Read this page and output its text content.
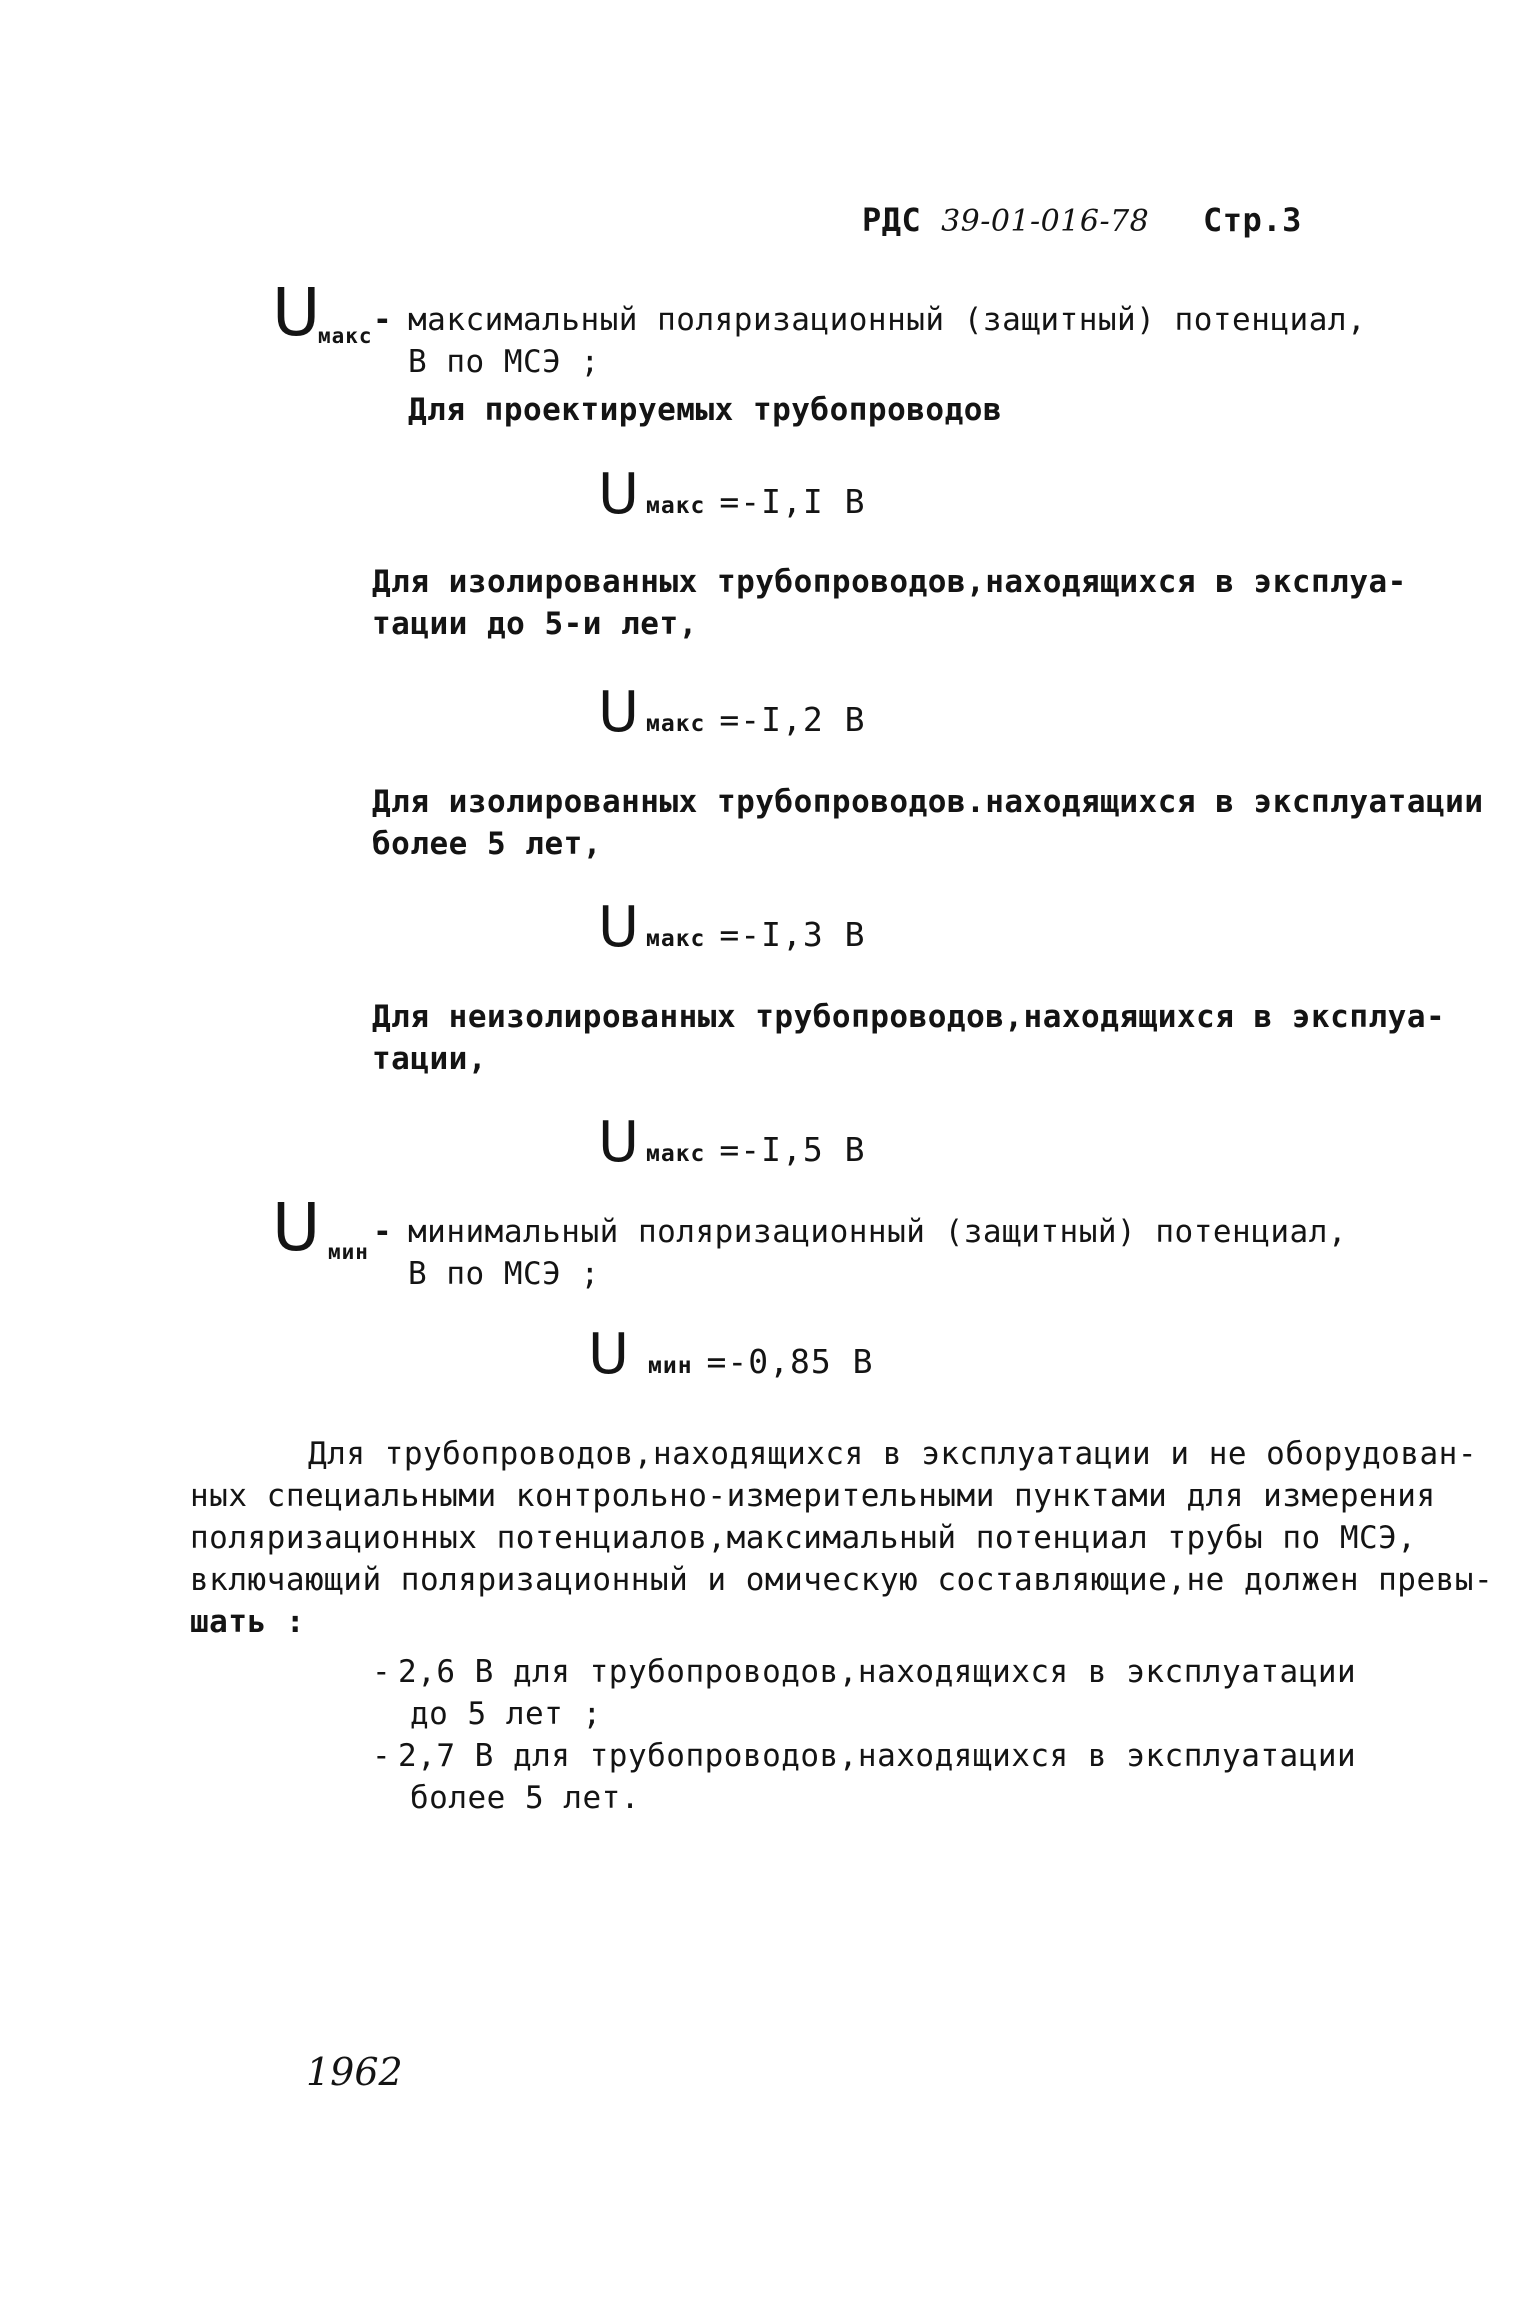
РДС 39-01-016-78 Стр.3
U
макс - максимальный поляризационный (защитный) потенциал,
В по МСЭ ;
Для проектируемых трубопроводов
Uмакс =-I,I В
Для изолированных трубопроводов,находящихся в эксплуа-
тации до 5-и лет,
Uмакс =-I,2 В
Для изолированных трубопроводов.находящихся в эксплуатации
более 5 лет,
Uмакс =-I,3 В
Для неизолированных трубопроводов,находящихся в эксплуа-
тации,
Uмакс =-I,5 В
U мин
- минимальный поляризационный (защитный) потенциал,
В по МСЭ ;
Uмин =-0,85 В
Для трубопроводов,находящихся в эксплуатации и не оборудован-
ных специальными контрольно-измерительными пунктами для измерения
поляризационных потенциалов,максимальный потенциал трубы по МСЭ,
включающий поляризационный и омическую составляющие,не должен превы-
шать :
- 2,6 В для трубопроводов,находящихся в эксплуатации
до 5 лет ;
- 2,7 В для трубопроводов,находящихся в эксплуатации
более 5 лет.
1962
